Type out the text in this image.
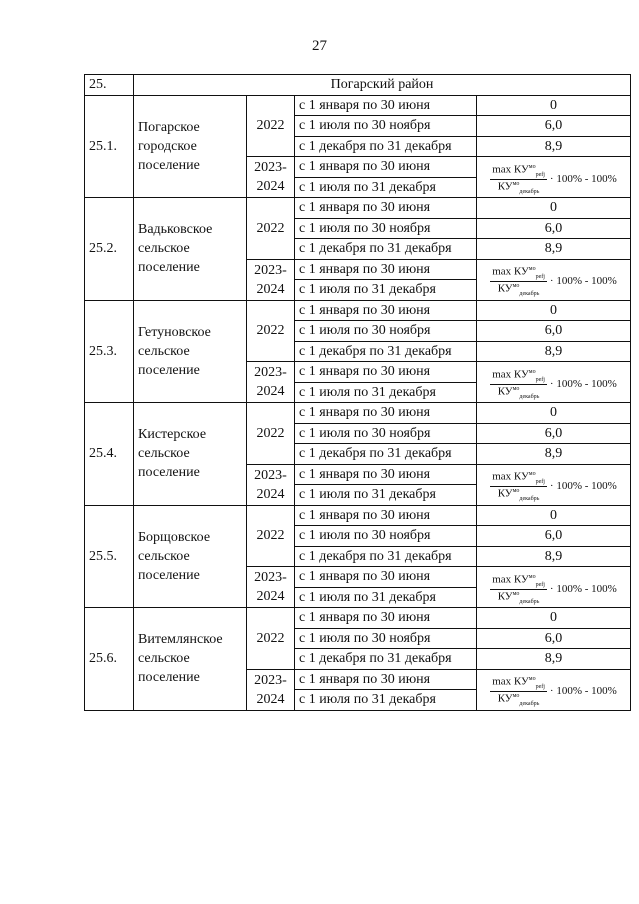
27
25.	Погарский район			
25.1.	Погарское городское поселение	2022	с 1 января по 30 июня	0
			с 1 июля по 30 ноября	6,0
			с 1 декабря по 31 декабря	8,9
		2023-2024	с 1 января по 30 июня	$\frac{\max КУ^{мо}_{pefj}}{КУ^{мо}_{декабрь}} \cdot 100\% - 100\%$

			с 1 июля по 31 декабря	
25.2.	Вадьковское сельское поселение	2022	с 1 января по 30 июня	0
			с 1 июля по 30 ноября	6,0
			с 1 декабря по 31 декабря	8,9
		2023-2024	с 1 января по 30 июня	$\frac{\max КУ^{мо}_{pefj}}{КУ^{мо}_{декабрь}} \cdot 100\% - 100\%$

			с 1 июля по 31 декабря	
25.3.	Гетуновское сельское поселение	2022	с 1 января по 30 июня	0
			с 1 июля по 30 ноября	6,0
			с 1 декабря по 31 декабря	8,9
		2023-2024	с 1 января по 30 июня	$\frac{\max КУ^{мо}_{pefj}}{КУ^{мо}_{декабрь}} \cdot 100\% - 100\%$

			с 1 июля по 31 декабря	
25.4.	Кистерское сельское поселение	2022	с 1 января по 30 июня	0
			с 1 июля по 30 ноября	6,0
			с 1 декабря по 31 декабря	8,9
		2023-2024	с 1 января по 30 июня	$\frac{\max КУ^{мо}_{pefj}}{КУ^{мо}_{декабрь}} \cdot 100\% - 100\%$

			с 1 июля по 31 декабря	
25.5.	Борщовское сельское поселение	2022	с 1 января по 30 июня	0
			с 1 июля по 30 ноября	6,0
			с 1 декабря по 31 декабря	8,9
		2023-2024	с 1 января по 30 июня	$\frac{\max КУ^{мо}_{pefj}}{КУ^{мо}_{декабрь}} \cdot 100\% - 100\%$

			с 1 июля по 31 декабря	
25.6.	Витемлянское сельское поселение	2022	с 1 января по 30 июня	0
			с 1 июля по 30 ноября	6,0
			с 1 декабря по 31 декабря	8,9
		2023-2024	с 1 января по 30 июня	$\frac{\max КУ^{мо}_{pefj}}{КУ^{мо}_{декабрь}} \cdot 100\% - 100\%$

			с 1 июля по 31 декабря	
